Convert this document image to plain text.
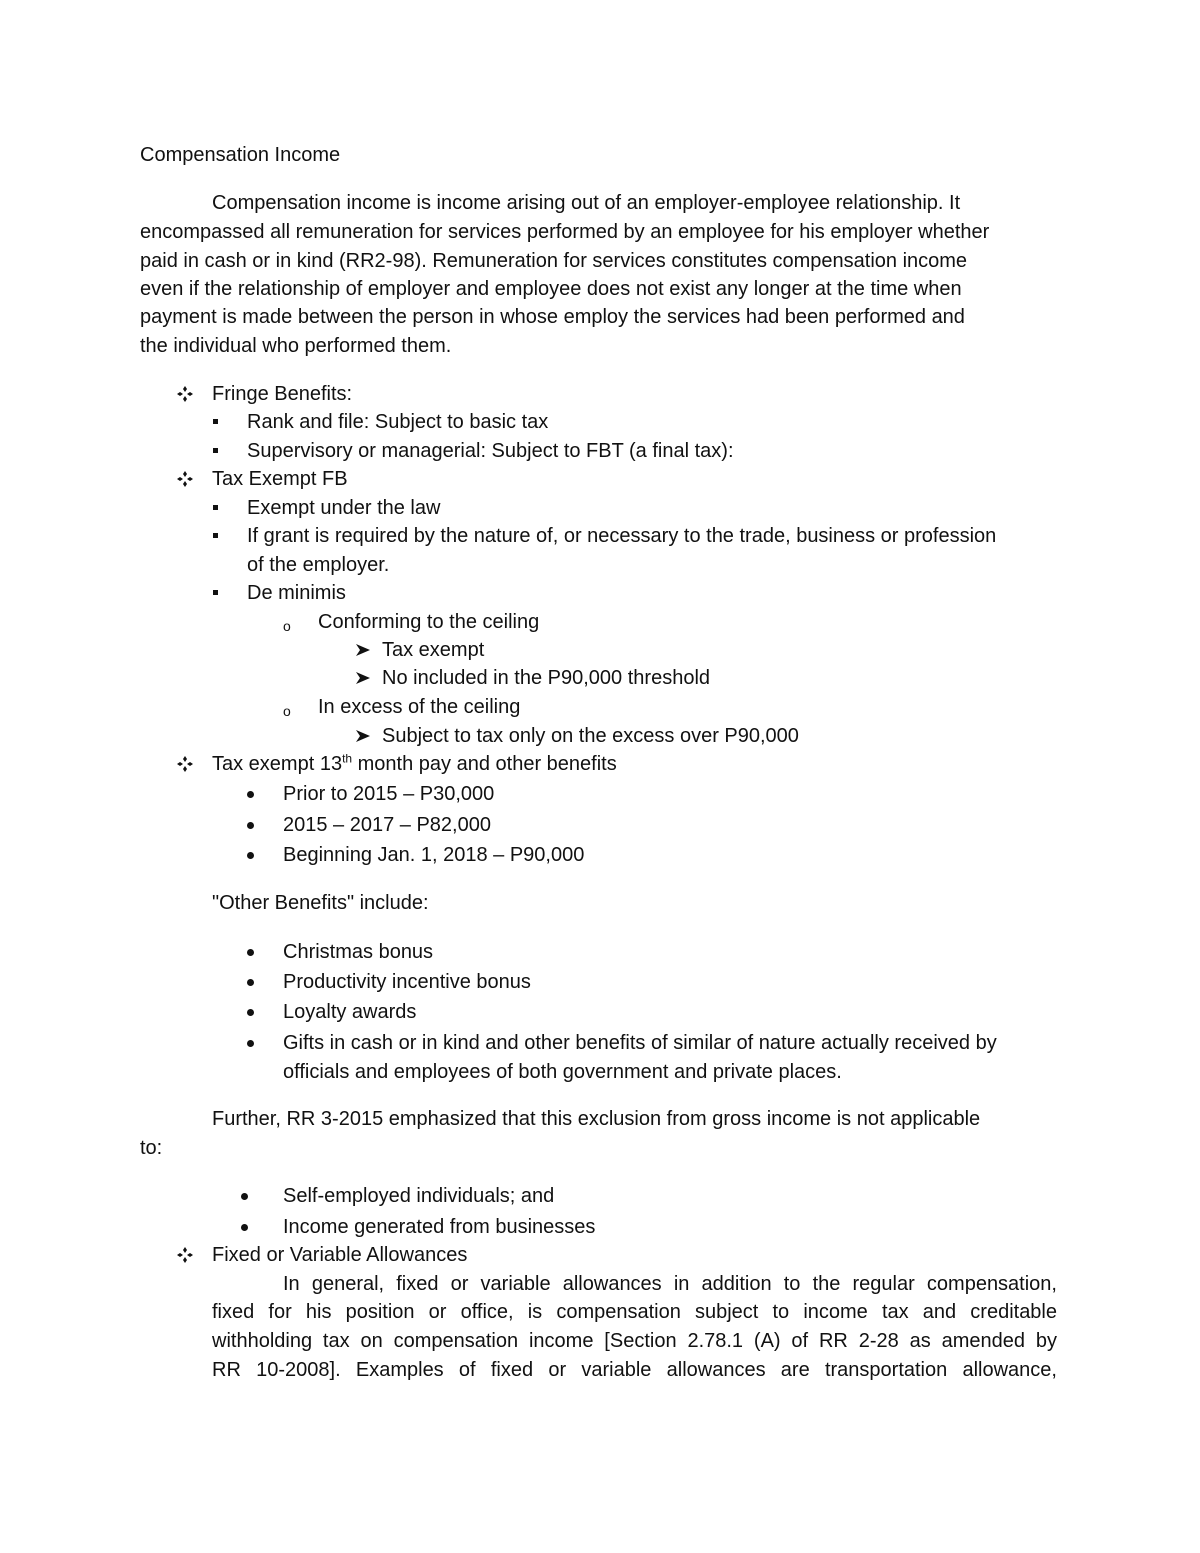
Compensation Income
Compensation income is income arising out of an employer-employee relationship. It
encompassed all remuneration for services performed by an employee for his employer whether
paid in cash or in kind (RR2-98). Remuneration for services constitutes compensation income
even if the relationship of employer and employee does not exist any longer at the time when
payment is made between the person in whose employ the services had been performed and
the individual who performed them.
Fringe Benefits:
Rank and file: Subject to basic tax
Supervisory or managerial: Subject to FBT (a final tax):
Tax Exempt FB
Exempt under the law
If grant is required by the nature of, or necessary to the trade, business or profession
of the employer.
De minimis
o Conforming to the ceiling
Tax exempt
No included in the P90,000 threshold
o In excess of the ceiling
Subject to tax only on the excess over P90,000
Tax exempt 13th month pay and other benefits
Prior to 2015 – P30,000
2015 – 2017 – P82,000
Beginning Jan. 1, 2018 – P90,000
"Other Benefits" include:
Christmas bonus
Productivity incentive bonus
Loyalty awards
Gifts in cash or in kind and other benefits of similar of nature actually received by
officials and employees of both government and private places.
Further, RR 3-2015 emphasized that this exclusion from gross income is not applicable
to:
Self-employed individuals; and
Income generated from businesses
Fixed or Variable Allowances
In general, fixed or variable allowances in addition to the regular compensation,
fixed for his position or office, is compensation subject to income tax and creditable
withholding tax on compensation income [Section 2.78.1 (A) of RR 2-28 as amended by
RR 10-2008]. Examples of fixed or variable allowances are transportation allowance,
